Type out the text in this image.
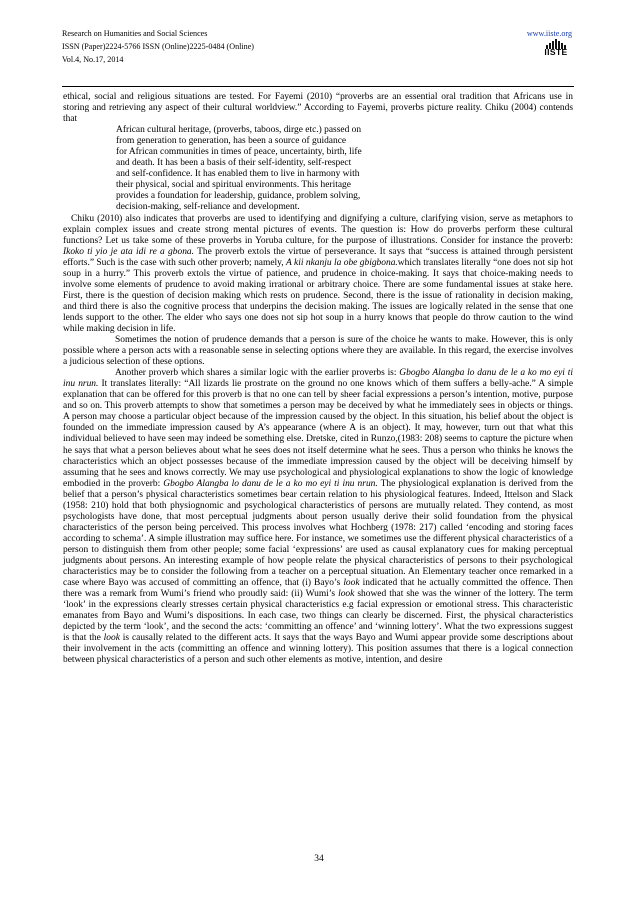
Research on Humanities and Social Sciences
ISSN (Paper)2224-5766 ISSN (Online)2225-0484 (Online)
Vol.4, No.17, 2014
www.iiste.org
IISTE

ethical, social and religious situations are tested. For Fayemi (2010) “proverbs are an essential oral tradition that Africans use in storing and retrieving any aspect of their cultural worldview.” According to Fayemi, proverbs picture reality. Chiku (2004) contends that

African cultural heritage, (proverbs, taboos, dirge etc.) passed on
from generation to generation, has been a source of guidance
for African communities in times of peace, uncertainty, birth, life
and death. It has been a basis of their self-identity, self-respect
and self-confidence. It has enabled them to live in harmony with
their physical, social and spiritual environments. This heritage
provides a foundation for leadership, guidance, problem solving,
decision-making, self-reliance and development.

Chiku (2010) also indicates that proverbs are used to identifying and dignifying a culture, clarifying vision, serve as metaphors to explain complex issues and create strong mental pictures of events. The question is: How do proverbs perform these cultural functions? Let us take some of these proverbs in Yoruba culture, for the purpose of illustrations. Consider for instance the proverb: Ikoko ti yio je ata idi re a gbona. The proverb extols the virtue of perseverance. It says that “success is attained through persistent efforts.” Such is the case with such other proverb; namely, A kii nkanju la obe gbigbona.which translates literally “one does not sip hot soup in a hurry.” This proverb extols the virtue of patience, and prudence in choice-making. It says that choice-making needs to involve some elements of prudence to avoid making irrational or arbitrary choice. There are some fundamental issues at stake here. First, there is the question of decision making which rests on prudence. Second, there is the issue of rationality in decision making, and third there is also the cognitive process that underpins the decision making. The issues are logically related in the sense that one lends support to the other. The elder who says one does not sip hot soup in a hurry knows that people do throw caution to the wind while making decision in life.

Sometimes the notion of prudence demands that a person is sure of the choice he wants to make. However, this is only possible where a person acts with a reasonable sense in selecting options where they are available. In this regard, the exercise involves a judicious selection of these options.

Another proverb which shares a similar logic with the earlier proverbs is: Gbogbo Alangba lo danu de le a ko mo eyi ti inu nrun. It translates literally: “All lizards lie prostrate on the ground no one knows which of them suffers a belly-ache.” A simple explanation that can be offered for this proverb is that no one can tell by sheer facial expressions a person’s intention, motive, purpose and so on. This proverb attempts to show that sometimes a person may be deceived by what he immediately sees in objects or things. A person may choose a particular object because of the impression caused by the object. In this situation, his belief about the object is founded on the immediate impression caused by A’s appearance (where A is an object). It may, however, turn out that what this individual believed to have seen may indeed be something else. Dretske, cited in Runzo,(1983: 208) seems to capture the picture when he says that what a person believes about what he sees does not itself determine what he sees. Thus a person who thinks he knows the characteristics which an object possesses because of the immediate impression caused by the object will be deceiving himself by assuming that he sees and knows correctly. We may use psychological and physiological explanations to show the logic of knowledge embodied in the proverb: Gbogbo Alangba lo danu de le a ko mo eyi ti inu nrun. The physiological explanation is derived from the belief that a person’s physical characteristics sometimes bear certain relation to his physiological features. Indeed, Ittelson and Slack (1958: 210) hold that both physiognomic and psychological characteristics of persons are mutually related. They contend, as most psychologists have done, that most perceptual judgments about person usually derive their solid foundation from the physical characteristics of the person being perceived. This process involves what Hochberg (1978: 217) called ‘encoding and storing faces according to schema’. A simple illustration may suffice here. For instance, we sometimes use the different physical characteristics of a person to distinguish them from other people; some facial ‘expressions’ are used as causal explanatory cues for making perceptual judgments about persons. An interesting example of how people relate the physical characteristics of persons to their psychological characteristics may be to consider the following from a teacher on a perceptual situation. An Elementary teacher once remarked in a case where Bayo was accused of committing an offence, that (i) Bayo’s look indicated that he actually committed the offence. Then there was a remark from Wumi’s friend who proudly said: (ii) Wumi’s look showed that she was the winner of the lottery. The term ‘look’ in the expressions clearly stresses certain physical characteristics e.g facial expression or emotional stress. This characteristic emanates from Bayo and Wumi’s dispositions. In each case, two things can clearly be discerned. First, the physical characteristics depicted by the term ‘look’, and the second the acts: ‘committing an offence’ and ‘winning lottery’. What the two expressions suggest is that the look is causally related to the different acts. It says that the ways Bayo and Wumi appear provide some descriptions about their involvement in the acts (committing an offence and winning lottery). This position assumes that there is a logical connection between physical characteristics of a person and such other elements as motive, intention, and desire

34
